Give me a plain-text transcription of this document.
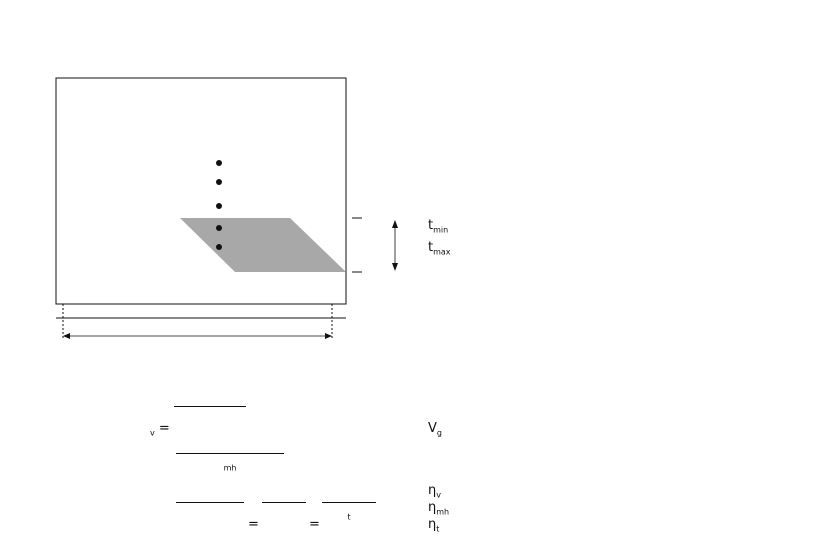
$t_{min}$
$t_{max}$
$_v$ =
$_{mh}$
=	=
$_t$
$V_g$
$\eta_v$
$\eta_{mh}$
$\eta_t$
